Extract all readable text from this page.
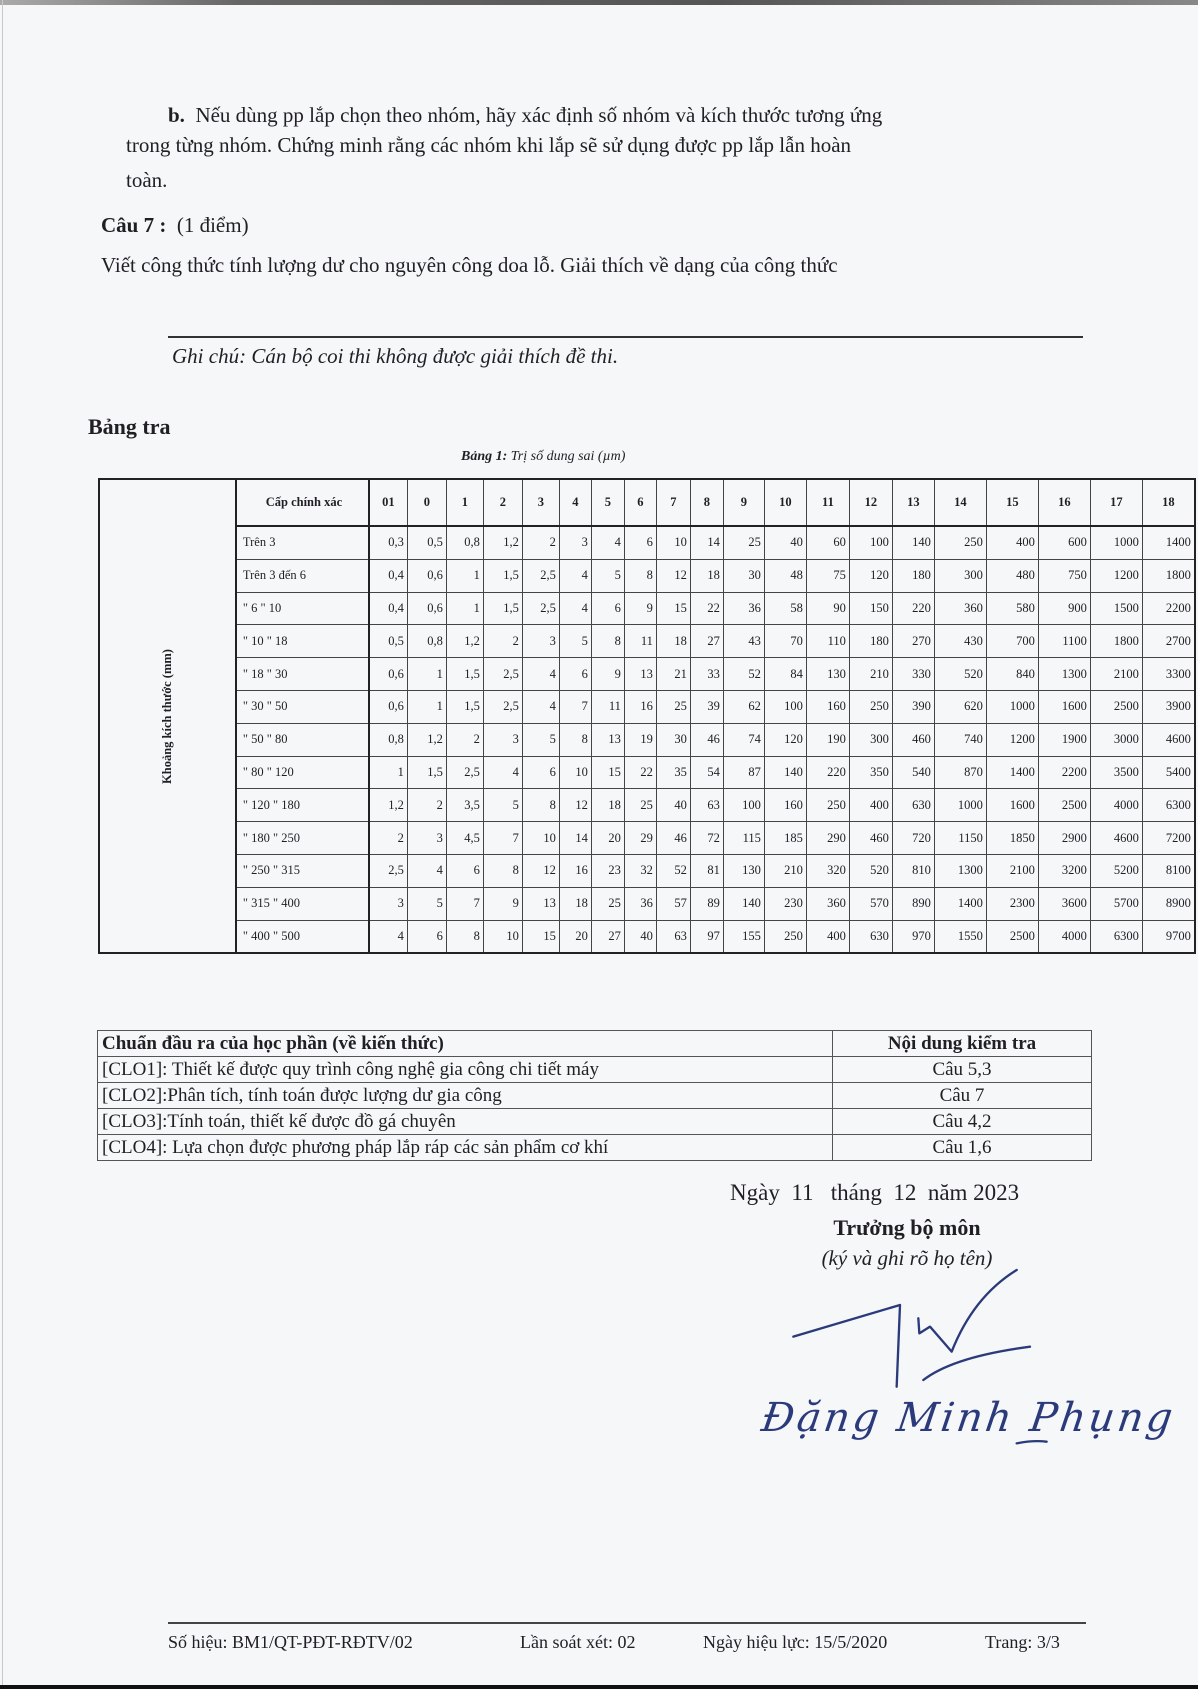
b. Nếu dùng pp lắp chọn theo nhóm, hãy xác định số nhóm và kích thước tương ứng
trong từng nhóm. Chứng minh rằng các nhóm khi lắp sẽ sử dụng được pp lắp lẫn hoàn
toàn.
Câu 7 : (1 điểm)
Viết công thức tính lượng dư cho nguyên công doa lỗ. Giải thích về dạng của công thức
Ghi chú: Cán bộ coi thi không được giải thích đề thi.
Bảng tra
Bảng 1: Trị số dung sai (µm)
Khoảng kích thước (mm)	Cấp chính xác	01	0	1	2	3	4	5	6	7	8	9	10	11	12	13	14	15	16	17	18
	Trên 3	0,3	0,5	0,8	1,2	2	3	4	6	10	14	25	40	60	100	140	250	400	600	1000	1400
	Trên 3 đến 6	0,4	0,6	1	1,5	2,5	4	5	8	12	18	30	48	75	120	180	300	480	750	1200	1800
	" 6 " 10	0,4	0,6	1	1,5	2,5	4	6	9	15	22	36	58	90	150	220	360	580	900	1500	2200
	" 10 " 18	0,5	0,8	1,2	2	3	5	8	11	18	27	43	70	110	180	270	430	700	1100	1800	2700
	" 18 " 30	0,6	1	1,5	2,5	4	6	9	13	21	33	52	84	130	210	330	520	840	1300	2100	3300
	" 30 " 50	0,6	1	1,5	2,5	4	7	11	16	25	39	62	100	160	250	390	620	1000	1600	2500	3900
	" 50 " 80	0,8	1,2	2	3	5	8	13	19	30	46	74	120	190	300	460	740	1200	1900	3000	4600
	" 80 " 120	1	1,5	2,5	4	6	10	15	22	35	54	87	140	220	350	540	870	1400	2200	3500	5400
	" 120 " 180	1,2	2	3,5	5	8	12	18	25	40	63	100	160	250	400	630	1000	1600	2500	4000	6300
	" 180 " 250	2	3	4,5	7	10	14	20	29	46	72	115	185	290	460	720	1150	1850	2900	4600	7200
	" 250 " 315	2,5	4	6	8	12	16	23	32	52	81	130	210	320	520	810	1300	2100	3200	5200	8100
	" 315 " 400	3	5	7	9	13	18	25	36	57	89	140	230	360	570	890	1400	2300	3600	5700	8900
	" 400 " 500	4	6	8	10	15	20	27	40	63	97	155	250	400	630	970	1550	2500	4000	6300	9700
Chuẩn đầu ra của học phần (về kiến thức)	Nội dung kiểm tra
[CLO1]: Thiết kế được quy trình công nghệ gia công chi tiết máy	Câu 5,3
[CLO2]:Phân tích, tính toán được lượng dư gia công	Câu 7
[CLO3]:Tính toán, thiết kế được đồ gá chuyên	Câu 4,2
[CLO4]: Lựa chọn được phương pháp lắp ráp các sản phẩm cơ khí	Câu 1,6
Ngày  11   tháng  12  năm 2023
Trưởng bộ môn
(ký và ghi rõ họ tên)
Đặng Minh Phụng
Số hiệu: BM1/QT-PĐT-RĐTV/02	Lần soát xét: 02	Ngày hiệu lực: 15/5/2020	Trang: 3/3
